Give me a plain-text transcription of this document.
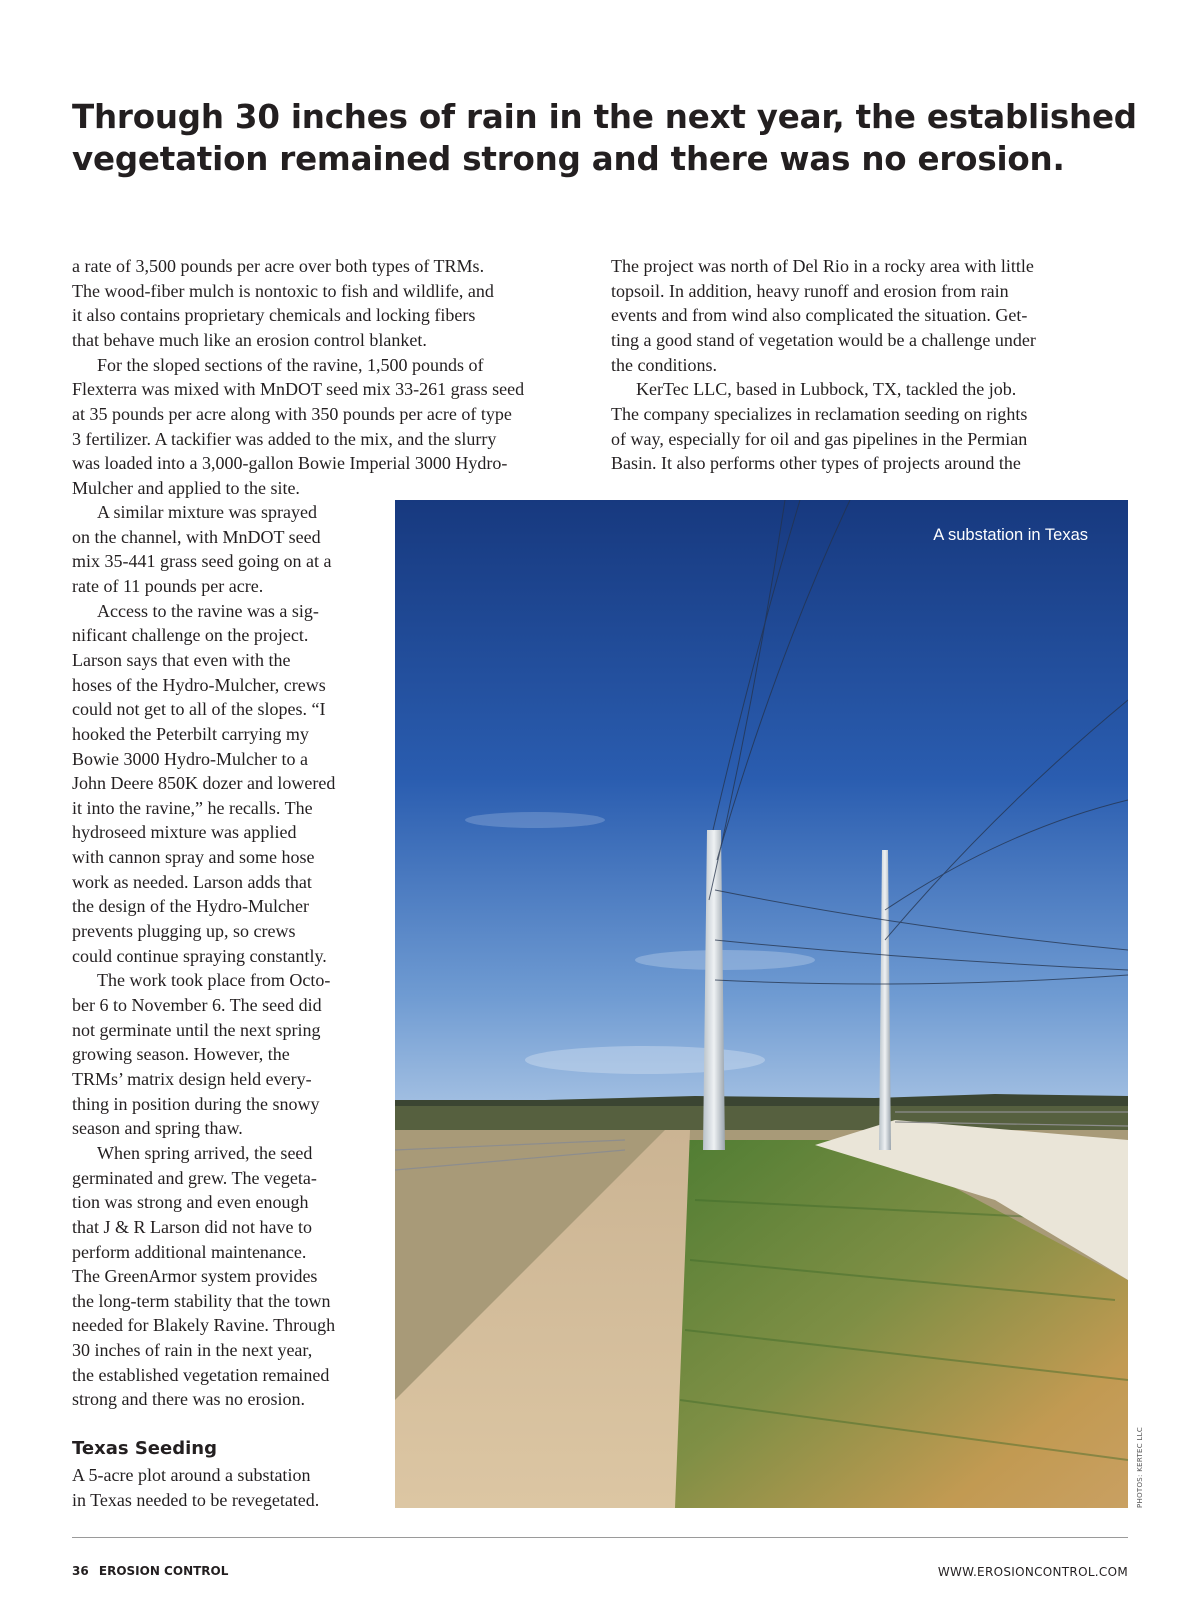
Through 30 inches of rain in the next year, the established
vegetation remained strong and there was no erosion.
a rate of 3,500 pounds per acre over both types of TRMs.
The wood-fiber mulch is nontoxic to fish and wildlife, and
it also contains proprietary chemicals and locking fibers
that behave much like an erosion control blanket.
For the sloped sections of the ravine, 1,500 pounds of
Flexterra was mixed with MnDOT seed mix 33-261 grass seed
at 35 pounds per acre along with 350 pounds per acre of type
3 fertilizer. A tackifier was added to the mix, and the slurry
was loaded into a 3,000-gallon Bowie Imperial 3000 Hydro-
Mulcher and applied to the site.
A similar mixture was sprayed
on the channel, with MnDOT seed
mix 35-441 grass seed going on at a
rate of 11 pounds per acre.
Access to the ravine was a sig-
nificant challenge on the project.
Larson says that even with the
hoses of the Hydro-Mulcher, crews
could not get to all of the slopes. “I
hooked the Peterbilt carrying my
Bowie 3000 Hydro-Mulcher to a
John Deere 850K dozer and lowered
it into the ravine,” he recalls. The
hydroseed mixture was applied
with cannon spray and some hose
work as needed. Larson adds that
the design of the Hydro-Mulcher
prevents plugging up, so crews
could continue spraying constantly.
The work took place from Octo-
ber 6 to November 6. The seed did
not germinate until the next spring
growing season. However, the
TRMs’ matrix design held every-
thing in position during the snowy
season and spring thaw.
When spring arrived, the seed
germinated and grew. The vegeta-
tion was strong and even enough
that J & R Larson did not have to
perform additional maintenance.
The GreenArmor system provides
the long-term stability that the town
needed for Blakely Ravine. Through
30 inches of rain in the next year,
the established vegetation remained
strong and there was no erosion.
A 5-acre plot around a substation
in Texas needed to be revegetated.
The project was north of Del Rio in a rocky area with little
topsoil. In addition, heavy runoff and erosion from rain
events and from wind also complicated the situation. Get-
ting a good stand of vegetation would be a challenge under
the conditions.
KerTec LLC, based in Lubbock, TX, tackled the job.
The company specializes in reclamation seeding on rights
of way, especially for oil and gas pipelines in the Permian
Basin. It also performs other types of projects around the
Texas Seeding
A substation in Texas
PHOTOS: KERTEC LLC
36 EROSION CONTROL	WWW.EROSIONCONTROL.COM
